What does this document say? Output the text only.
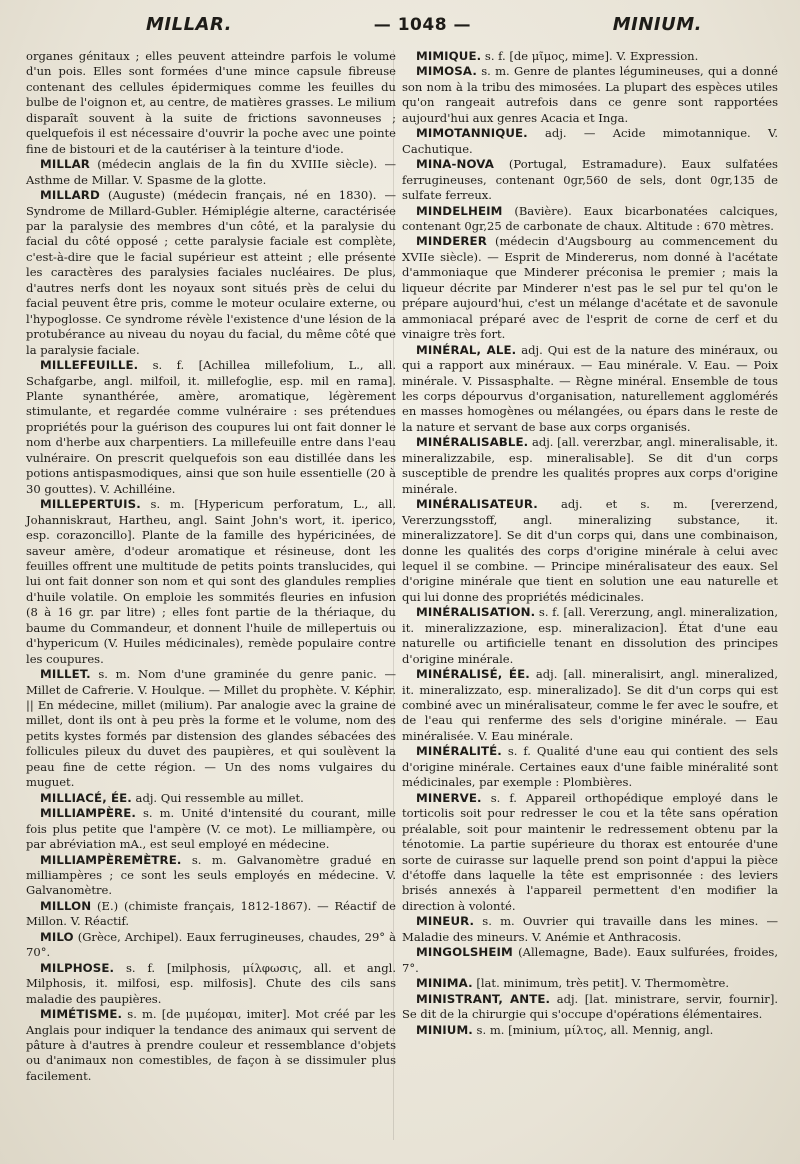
MILLAR.	— 1048 —	MINIUM.

organes génitaux ; elles peuvent atteindre parfois le volume d'un pois. Elles sont formées d'une mince capsule fibreuse contenant des cellules épidermiques comme les feuilles du bulbe de l'oignon et, au centre, de matières grasses. Le milium disparaît souvent à la suite de frictions savonneuses ; quelquefois il est nécessaire d'ouvrir la poche avec une pointe fine de bistouri et de la cautériser à la teinture d'iode.

MILLAR (médecin anglais de la fin du XVIIIe siècle). — Asthme de Millar. V. Spasme de la glotte.

MILLARD (Auguste) (médecin français, né en 1830). — Syndrome de Millard-Gubler. Hémiplégie alterne, caractérisée par la paralysie des membres d'un côté, et la paralysie du facial du côté opposé ; cette paralysie faciale est complète, c'est-à-dire que le facial supérieur est atteint ; elle présente les caractères des paralysies faciales nucléaires. De plus, d'autres nerfs dont les noyaux sont situés près de celui du facial peuvent être pris, comme le moteur oculaire externe, ou l'hypoglosse. Ce syndrome révèle l'existence d'une lésion de la protubérance au niveau du noyau du facial, du même côté que la paralysie faciale.

MILLEFEUILLE. s. f. [Achillea millefolium, L., all. Schafgarbe, angl. milfoil, it. millefoglie, esp. mil en rama]. Plante synanthérée, amère, aromatique, légèrement stimulante, et regardée comme vulnéraire : ses prétendues propriétés pour la guérison des coupures lui ont fait donner le nom d'herbe aux charpentiers. La millefeuille entre dans l'eau vulnéraire. On prescrit quelquefois son eau distillée dans les potions antispasmodiques, ainsi que son huile essentielle (20 à 30 gouttes). V. Achilléine.

MILLEPERTUIS. s. m. [Hypericum perforatum, L., all. Johanniskraut, Hartheu, angl. Saint John's wort, it. iperico, esp. corazoncillo]. Plante de la famille des hypéricinées, de saveur amère, d'odeur aromatique et résineuse, dont les feuilles offrent une multitude de petits points translucides, qui lui ont fait donner son nom et qui sont des glandules remplies d'huile volatile. On emploie les sommités fleuries en infusion (8 à 16 gr. par litre) ; elles font partie de la thériaque, du baume du Commandeur, et donnent l'huile de millepertuis ou d'hypericum (V. Huiles médicinales), remède populaire contre les coupures.

MILLET. s. m. Nom d'une graminée du genre panic. — Millet de Cafrerie. V. Houlque. — Millet du prophète. V. Képhir. || En médecine, millet (milium). Par analogie avec la graine de millet, dont ils ont à peu près la forme et le volume, nom des petits kystes formés par distension des glandes sébacées des follicules pileux du duvet des paupières, et qui soulèvent la peau fine de cette région. — Un des noms vulgaires du muguet.

MILLIACÉ, ÉE. adj. Qui ressemble au millet.

MILLIAMPÈRE. s. m. Unité d'intensité du courant, mille fois plus petite que l'ampère (V. ce mot). Le milliampère, ou par abréviation mA., est seul employé en médecine.

MILLIAMPÈREMÈTRE. s. m. Galvanomètre gradué en milliampères ; ce sont les seuls employés en médecine. V. Galvanomètre.

MILLON (E.) (chimiste français, 1812-1867). — Réactif de Millon. V. Réactif.

MILO (Grèce, Archipel). Eaux ferrugineuses, chaudes, 29° à 70°.

MILPHOSE. s. f. [milphosis, μίλφωσις, all. et angl. Milphosis, it. milfosi, esp. milfosis]. Chute des cils sans maladie des paupières.

MIMÉTISME. s. m. [de μιμέομαι, imiter]. Mot créé par les Anglais pour indiquer la tendance des animaux qui servent de pâture à d'autres à prendre couleur et ressemblance d'objets ou d'animaux non comestibles, de façon à se dissimuler plus facilement.

MIMIQUE. s. f. [de μῖμος, mime]. V. Expression.

MIMOSA. s. m. Genre de plantes légumineuses, qui a donné son nom à la tribu des mimosées. La plupart des espèces utiles qu'on rangeait autrefois dans ce genre sont rapportées aujourd'hui aux genres Acacia et Inga.

MIMOTANNIQUE. adj. — Acide mimotannique. V. Cachutique.

MINA-NOVA (Portugal, Estramadure). Eaux sulfatées ferrugineuses, contenant 0gr,560 de sels, dont 0gr,135 de sulfate ferreux.

MINDELHEIM (Bavière). Eaux bicarbonatées calciques, contenant 0gr,25 de carbonate de chaux. Altitude : 670 mètres.

MINDERER (médecin d'Augsbourg au commencement du XVIIe siècle). — Esprit de Mindererus, nom donné à l'acétate d'ammoniaque que Minderer préconisa le premier ; mais la liqueur décrite par Minderer n'est pas le sel pur tel qu'on le prépare aujourd'hui, c'est un mélange d'acétate et de savonule ammoniacal préparé avec de l'esprit de corne de cerf et du vinaigre très fort.

MINÉRAL, ALE. adj. Qui est de la nature des minéraux, ou qui a rapport aux minéraux. — Eau minérale. V. Eau. — Poix minérale. V. Pissasphalte. — Règne minéral. Ensemble de tous les corps dépourvus d'organisation, naturellement agglomérés en masses homogènes ou mélangées, ou épars dans le reste de la nature et servant de base aux corps organisés.

MINÉRALISABLE. adj. [all. vererzbar, angl. mineralisable, it. mineralizzabile, esp. mineralisable]. Se dit d'un corps susceptible de prendre les qualités propres aux corps d'origine minérale.

MINÉRALISATEUR. adj. et s. m. [vererzend, Vererzungsstoff, angl. mineralizing substance, it. mineralizzatore]. Se dit d'un corps qui, dans une combinaison, donne les qualités des corps d'origine minérale à celui avec lequel il se combine. — Principe minéralisateur des eaux. Sel d'origine minérale que tient en solution une eau naturelle et qui lui donne des propriétés médicinales.

MINÉRALISATION. s. f. [all. Vererzung, angl. mineralization, it. mineralizzazione, esp. mineralizacion]. État d'une eau naturelle ou artificielle tenant en dissolution des principes d'origine minérale.

MINÉRALISÉ, ÉE. adj. [all. mineralisirt, angl. mineralized, it. mineralizzato, esp. mineralizado]. Se dit d'un corps qui est combiné avec un minéralisateur, comme le fer avec le soufre, et de l'eau qui renferme des sels d'origine minérale. — Eau minéralisée. V. Eau minérale.

MINÉRALITÉ. s. f. Qualité d'une eau qui contient des sels d'origine minérale. Certaines eaux d'une faible minéralité sont médicinales, par exemple : Plombières.

MINERVE. s. f. Appareil orthopédique employé dans le torticolis soit pour redresser le cou et la tête sans opération préalable, soit pour maintenir le redressement obtenu par la ténotomie. La partie supérieure du thorax est entourée d'une sorte de cuirasse sur laquelle prend son point d'appui la pièce d'étoffe dans laquelle la tête est emprisonnée : des leviers brisés annexés à l'appareil permettent d'en modifier la direction à volonté.

MINEUR. s. m. Ouvrier qui travaille dans les mines. — Maladie des mineurs. V. Anémie et Anthracosis.

MINGOLSHEIM (Allemagne, Bade). Eaux sulfurées, froides, 7°.

MINIMA. [lat. minimum, très petit]. V. Thermomètre.

MINISTRANT, ANTE. adj. [lat. ministrare, servir, fournir]. Se dit de la chirurgie qui s'occupe d'opérations élémentaires.

MINIUM. s. m. [minium, μίλτος, all. Mennig, angl.
